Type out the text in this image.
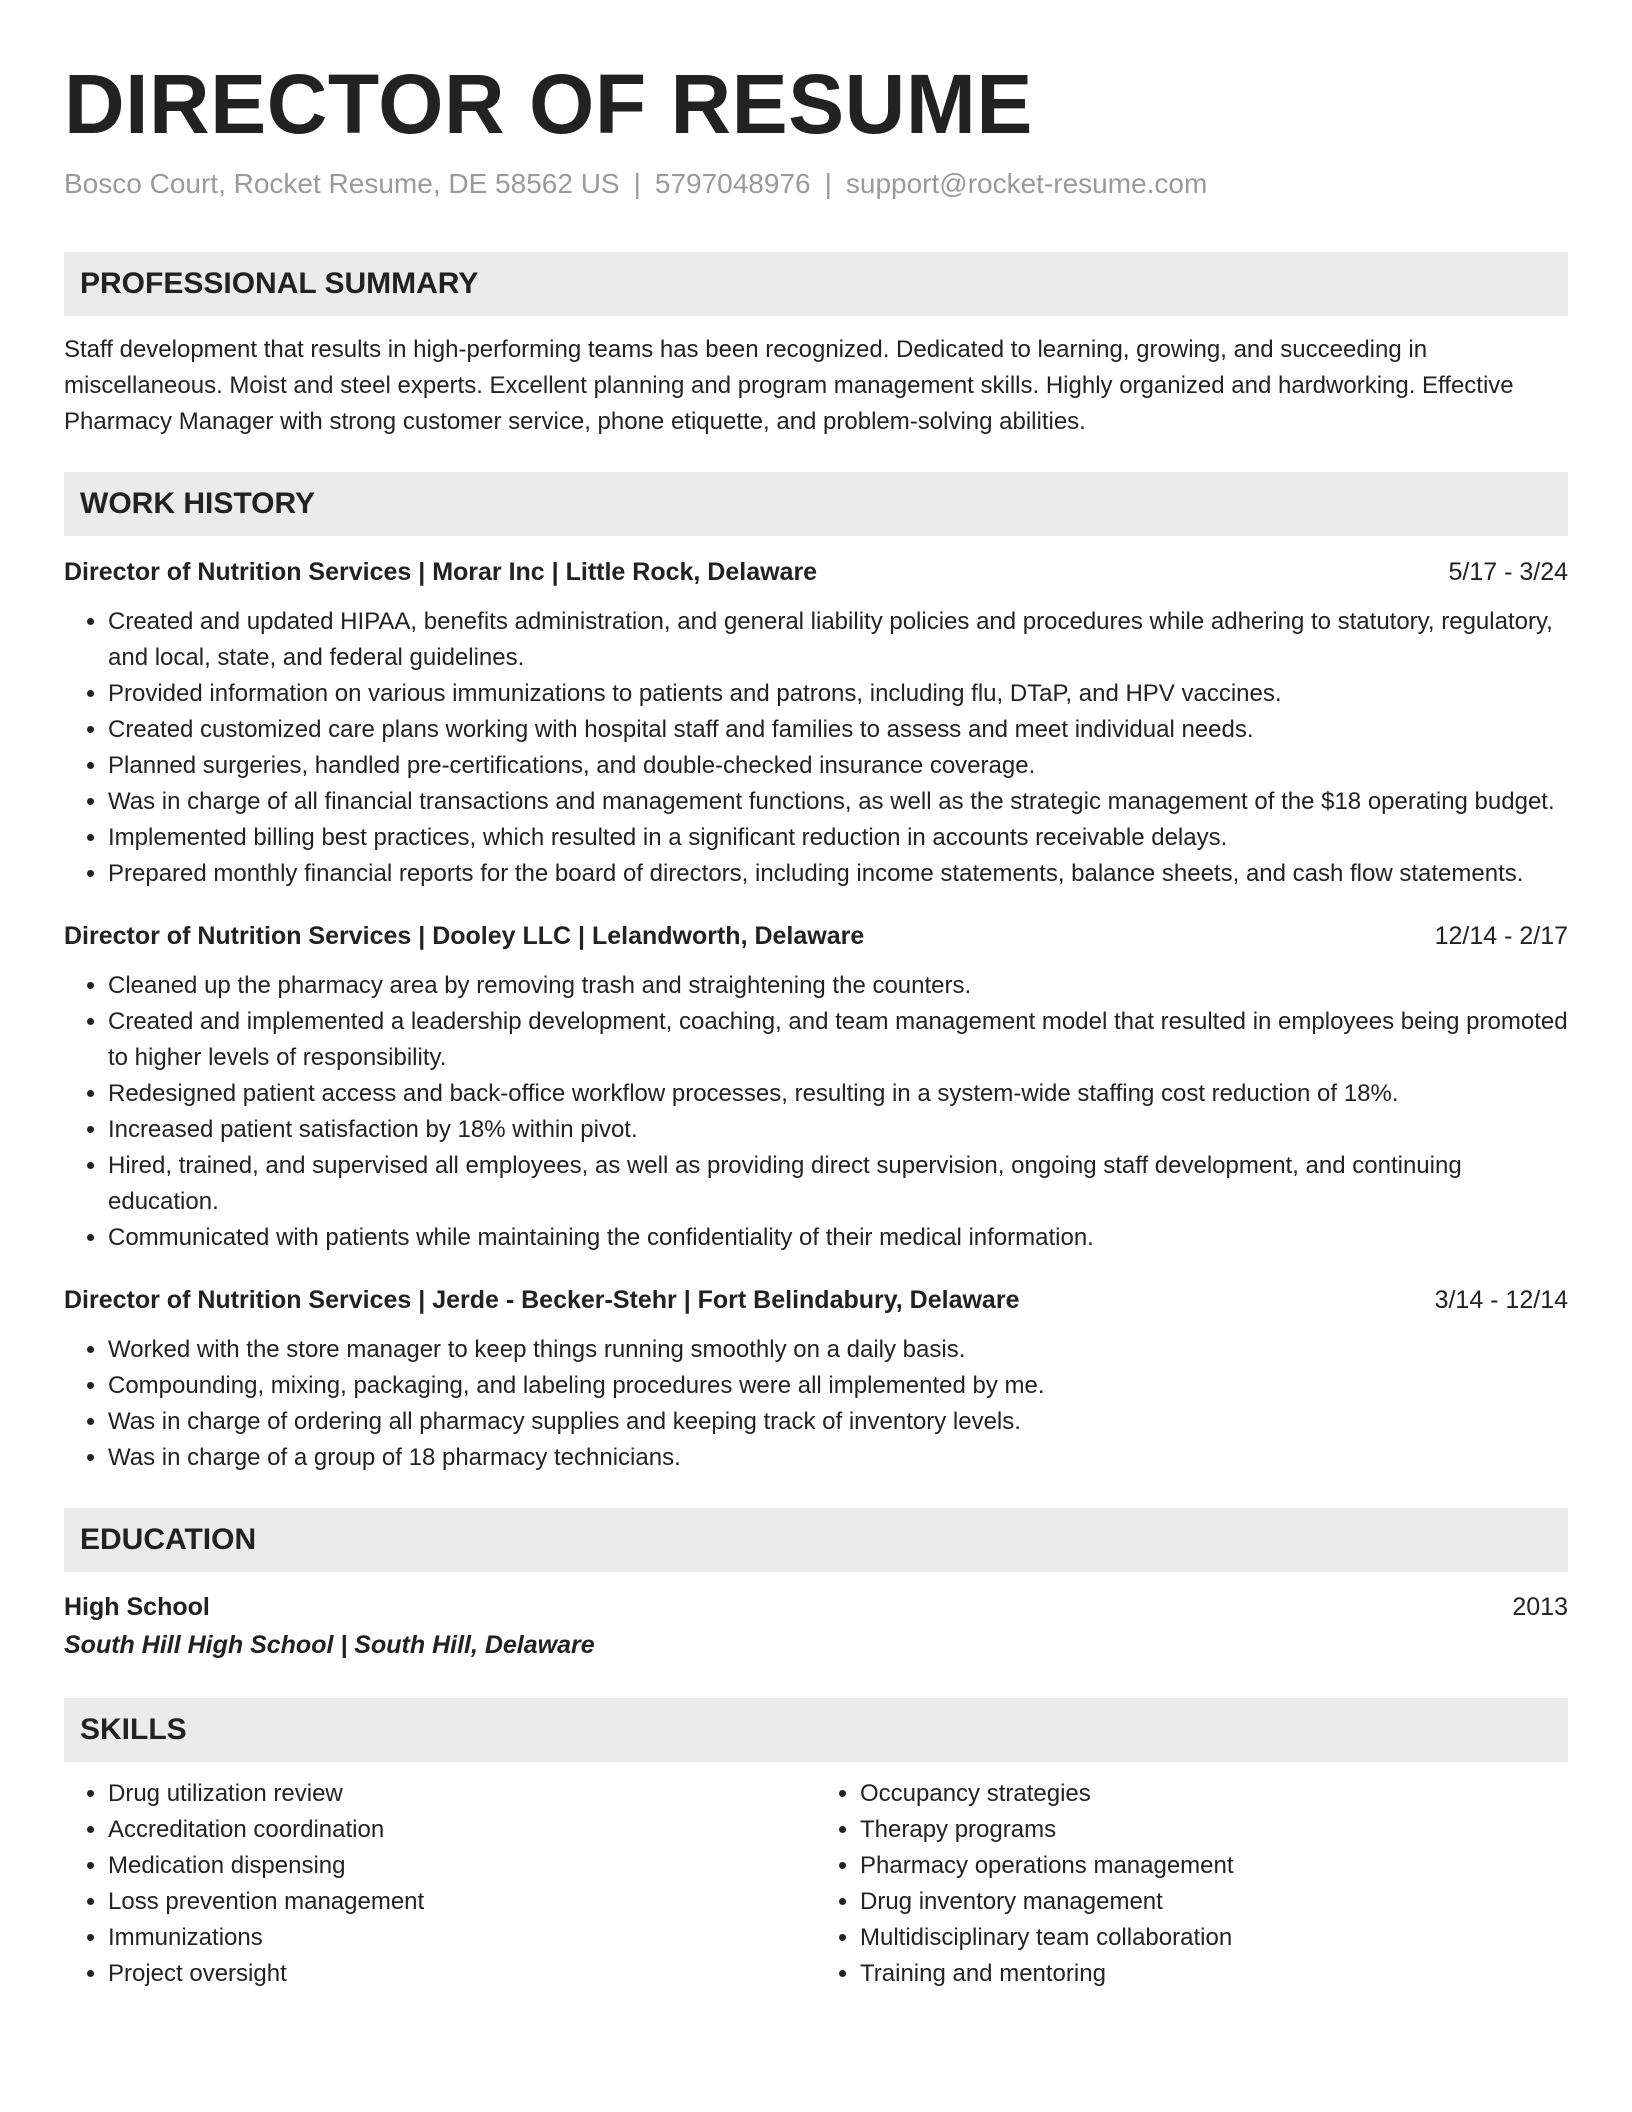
DIRECTOR OF RESUME
Bosco Court, Rocket Resume, DE 58562 US | 5797048976 | support@rocket-resume.com
PROFESSIONAL SUMMARY

Staff development that results in high-performing teams has been recognized. Dedicated to learning, growing, and succeeding in miscellaneous. Moist and steel experts. Excellent planning and program management skills. Highly organized and hardworking. Effective Pharmacy Manager with strong customer service, phone etiquette, and problem-solving abilities.

WORK HISTORY
Director of Nutrition Services | Morar Inc | Little Rock, Delaware	5/17 - 3/24
• Created and updated HIPAA, benefits administration, and general liability policies and procedures while adhering to statutory, regulatory, and local, state, and federal guidelines.
• Provided information on various immunizations to patients and patrons, including flu, DTaP, and HPV vaccines.
• Created customized care plans working with hospital staff and families to assess and meet individual needs.
• Planned surgeries, handled pre-certifications, and double-checked insurance coverage.
• Was in charge of all financial transactions and management functions, as well as the strategic management of the $18 operating budget.
• Implemented billing best practices, which resulted in a significant reduction in accounts receivable delays.
• Prepared monthly financial reports for the board of directors, including income statements, balance sheets, and cash flow statements.
Director of Nutrition Services | Dooley LLC | Lelandworth, Delaware	12/14 - 2/17
• Cleaned up the pharmacy area by removing trash and straightening the counters.
• Created and implemented a leadership development, coaching, and team management model that resulted in employees being promoted to higher levels of responsibility.
• Redesigned patient access and back-office workflow processes, resulting in a system-wide staffing cost reduction of 18%.
• Increased patient satisfaction by 18% within pivot.
• Hired, trained, and supervised all employees, as well as providing direct supervision, ongoing staff development, and continuing education.
• Communicated with patients while maintaining the confidentiality of their medical information.
Director of Nutrition Services | Jerde - Becker-Stehr | Fort Belindabury, Delaware	3/14 - 12/14
• Worked with the store manager to keep things running smoothly on a daily basis.
• Compounding, mixing, packaging, and labeling procedures were all implemented by me.
• Was in charge of ordering all pharmacy supplies and keeping track of inventory levels.
• Was in charge of a group of 18 pharmacy technicians.
EDUCATION
High School	2013
South Hill High School | South Hill, Delaware
SKILLS
• Drug utilization review
• Accreditation coordination
• Medication dispensing
• Loss prevention management
• Immunizations
• Project oversight
• Occupancy strategies
• Therapy programs
• Pharmacy operations management
• Drug inventory management
• Multidisciplinary team collaboration
• Training and mentoring
